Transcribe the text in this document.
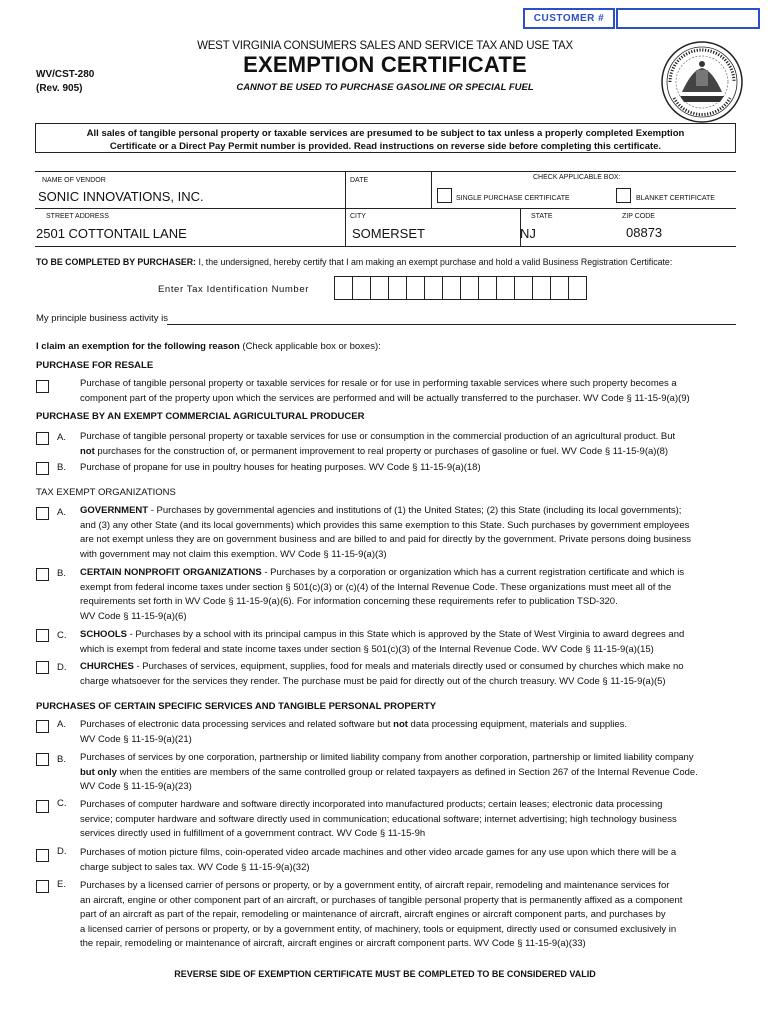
CUSTOMER #
WV/CST-280
(Rev. 905)
WEST VIRGINIA CONSUMERS SALES AND SERVICE TAX AND USE TAX
EXEMPTION CERTIFICATE
CANNOT BE USED TO PURCHASE GASOLINE OR SPECIAL FUEL
All sales of tangible personal property or taxable services are presumed to be subject to tax unless a properly completed Exemption
Certificate or a Direct Pay Permit number is provided. Read instructions on reverse side before completing this certificate.
NAME OF VENDOR
SONIC INNOVATIONS, INC.
DATE	CHECK APPLICABLE BOX:
SINGLE PURCHASE CERTIFICATE	BLANKET CERTIFICATE
STREET ADDRESS
2501 COTTONTAIL LANE
CITY
SOMERSET
STATE
NJ
ZIP CODE
08873
TO BE COMPLETED BY PURCHASER: I, the undersigned, hereby certify that I am making an exempt purchase and hold a valid Business Registration Certificate:
Enter Tax Identification Number
My principle business activity is
I claim an exemption for the following reason (Check applicable box or boxes):
PURCHASE FOR RESALE
Purchase of tangible personal property or taxable services for resale or for use in performing taxable services where such property becomes a
component part of the property upon which the services are performed and will be actually transferred to the purchaser. WV Code § 11-15-9(a)(9)
PURCHASE BY AN EXEMPT COMMERCIAL AGRICULTURAL PRODUCER
A. Purchase of tangible personal property or taxable services for use or consumption in the commercial production of an agricultural product. But
not purchases for the construction of, or permanent improvement to real property or purchases of gasoline or fuel. WV Code § 11-15-9(a)(8)
B. Purchase of propane for use in poultry houses for heating purposes. WV Code § 11-15-9(a)(18)
TAX EXEMPT ORGANIZATIONS
A. GOVERNMENT - Purchases by governmental agencies and institutions of (1) the United States; (2) this State (including its local governments);
and (3) any other State (and its local governments) which provides this same exemption to this State. Such purchases by government employees
are not exempt unless they are on government business and are billed to and paid for directly by the government. Private persons doing business
with government may not claim this exemption. WV Code § 11-15-9(a)(3)
B. CERTAIN NONPROFIT ORGANIZATIONS - Purchases by a corporation or organization which has a current registration certificate and which is
exempt from federal income taxes under section § 501(c)(3) or (c)(4) of the Internal Revenue Code. These organizations must meet all of the
requirements set forth in WV Code § 11-15-9(a)(6). For information concerning these requirements refer to publication TSD-320.
WV Code § 11-15-9(a)(6)
C. SCHOOLS - Purchases by a school with its principal campus in this State which is approved by the State of West Virginia to award degrees and
which is exempt from federal and state income taxes under section § 501(c)(3) of the Internal Revenue Code. WV Code § 11-15-9(a)(15)
D. CHURCHES - Purchases of services, equipment, supplies, food for meals and materials directly used or consumed by churches which make no
charge whatsoever for the services they render. The purchase must be paid for directly out of the church treasury. WV Code § 11-15-9(a)(5)
PURCHASES OF CERTAIN SPECIFIC SERVICES AND TANGIBLE PERSONAL PROPERTY
A. Purchases of electronic data processing services and related software but not data processing equipment, materials and supplies.
WV Code § 11-15-9(a)(21)
B. Purchases of services by one corporation, partnership or limited liability company from another corporation, partnership or limited liability company
but only when the entities are members of the same controlled group or related taxpayers as defined in Section 267 of the Internal Revenue Code.
WV Code § 11-15-9(a)(23)
C. Purchases of computer hardware and software directly incorporated into manufactured products; certain leases; electronic data processing
service; computer hardware and software directly used in communication; educational software; internet advertising; high technology business
services directly used in fulfillment of a government contract. WV Code § 11-15-9h
D. Purchases of motion picture films, coin-operated video arcade machines and other video arcade games for any use upon which there will be a
charge subject to sales tax. WV Code § 11-15-9(a)(32)
E. Purchases by a licensed carrier of persons or property, or by a government entity, of aircraft repair, remodeling and maintenance services for
an aircraft, engine or other component part of an aircraft, or purchases of tangible personal property that is permanently affixed as a component
part of an aircraft as part of the repair, remodeling or maintenance of aircraft, aircraft engines or aircraft component parts, and purchases by
a licensed carrier of persons or property, or by a government entity, of machinery, tools or equipment, directly used or consumed exclusively in
the repair, remodeling or maintenance of aircraft, aircraft engines or aircraft component parts. WV Code § 11-15-9(a)(33)
REVERSE SIDE OF EXEMPTION CERTIFICATE MUST BE COMPLETED TO BE CONSIDERED VALID
